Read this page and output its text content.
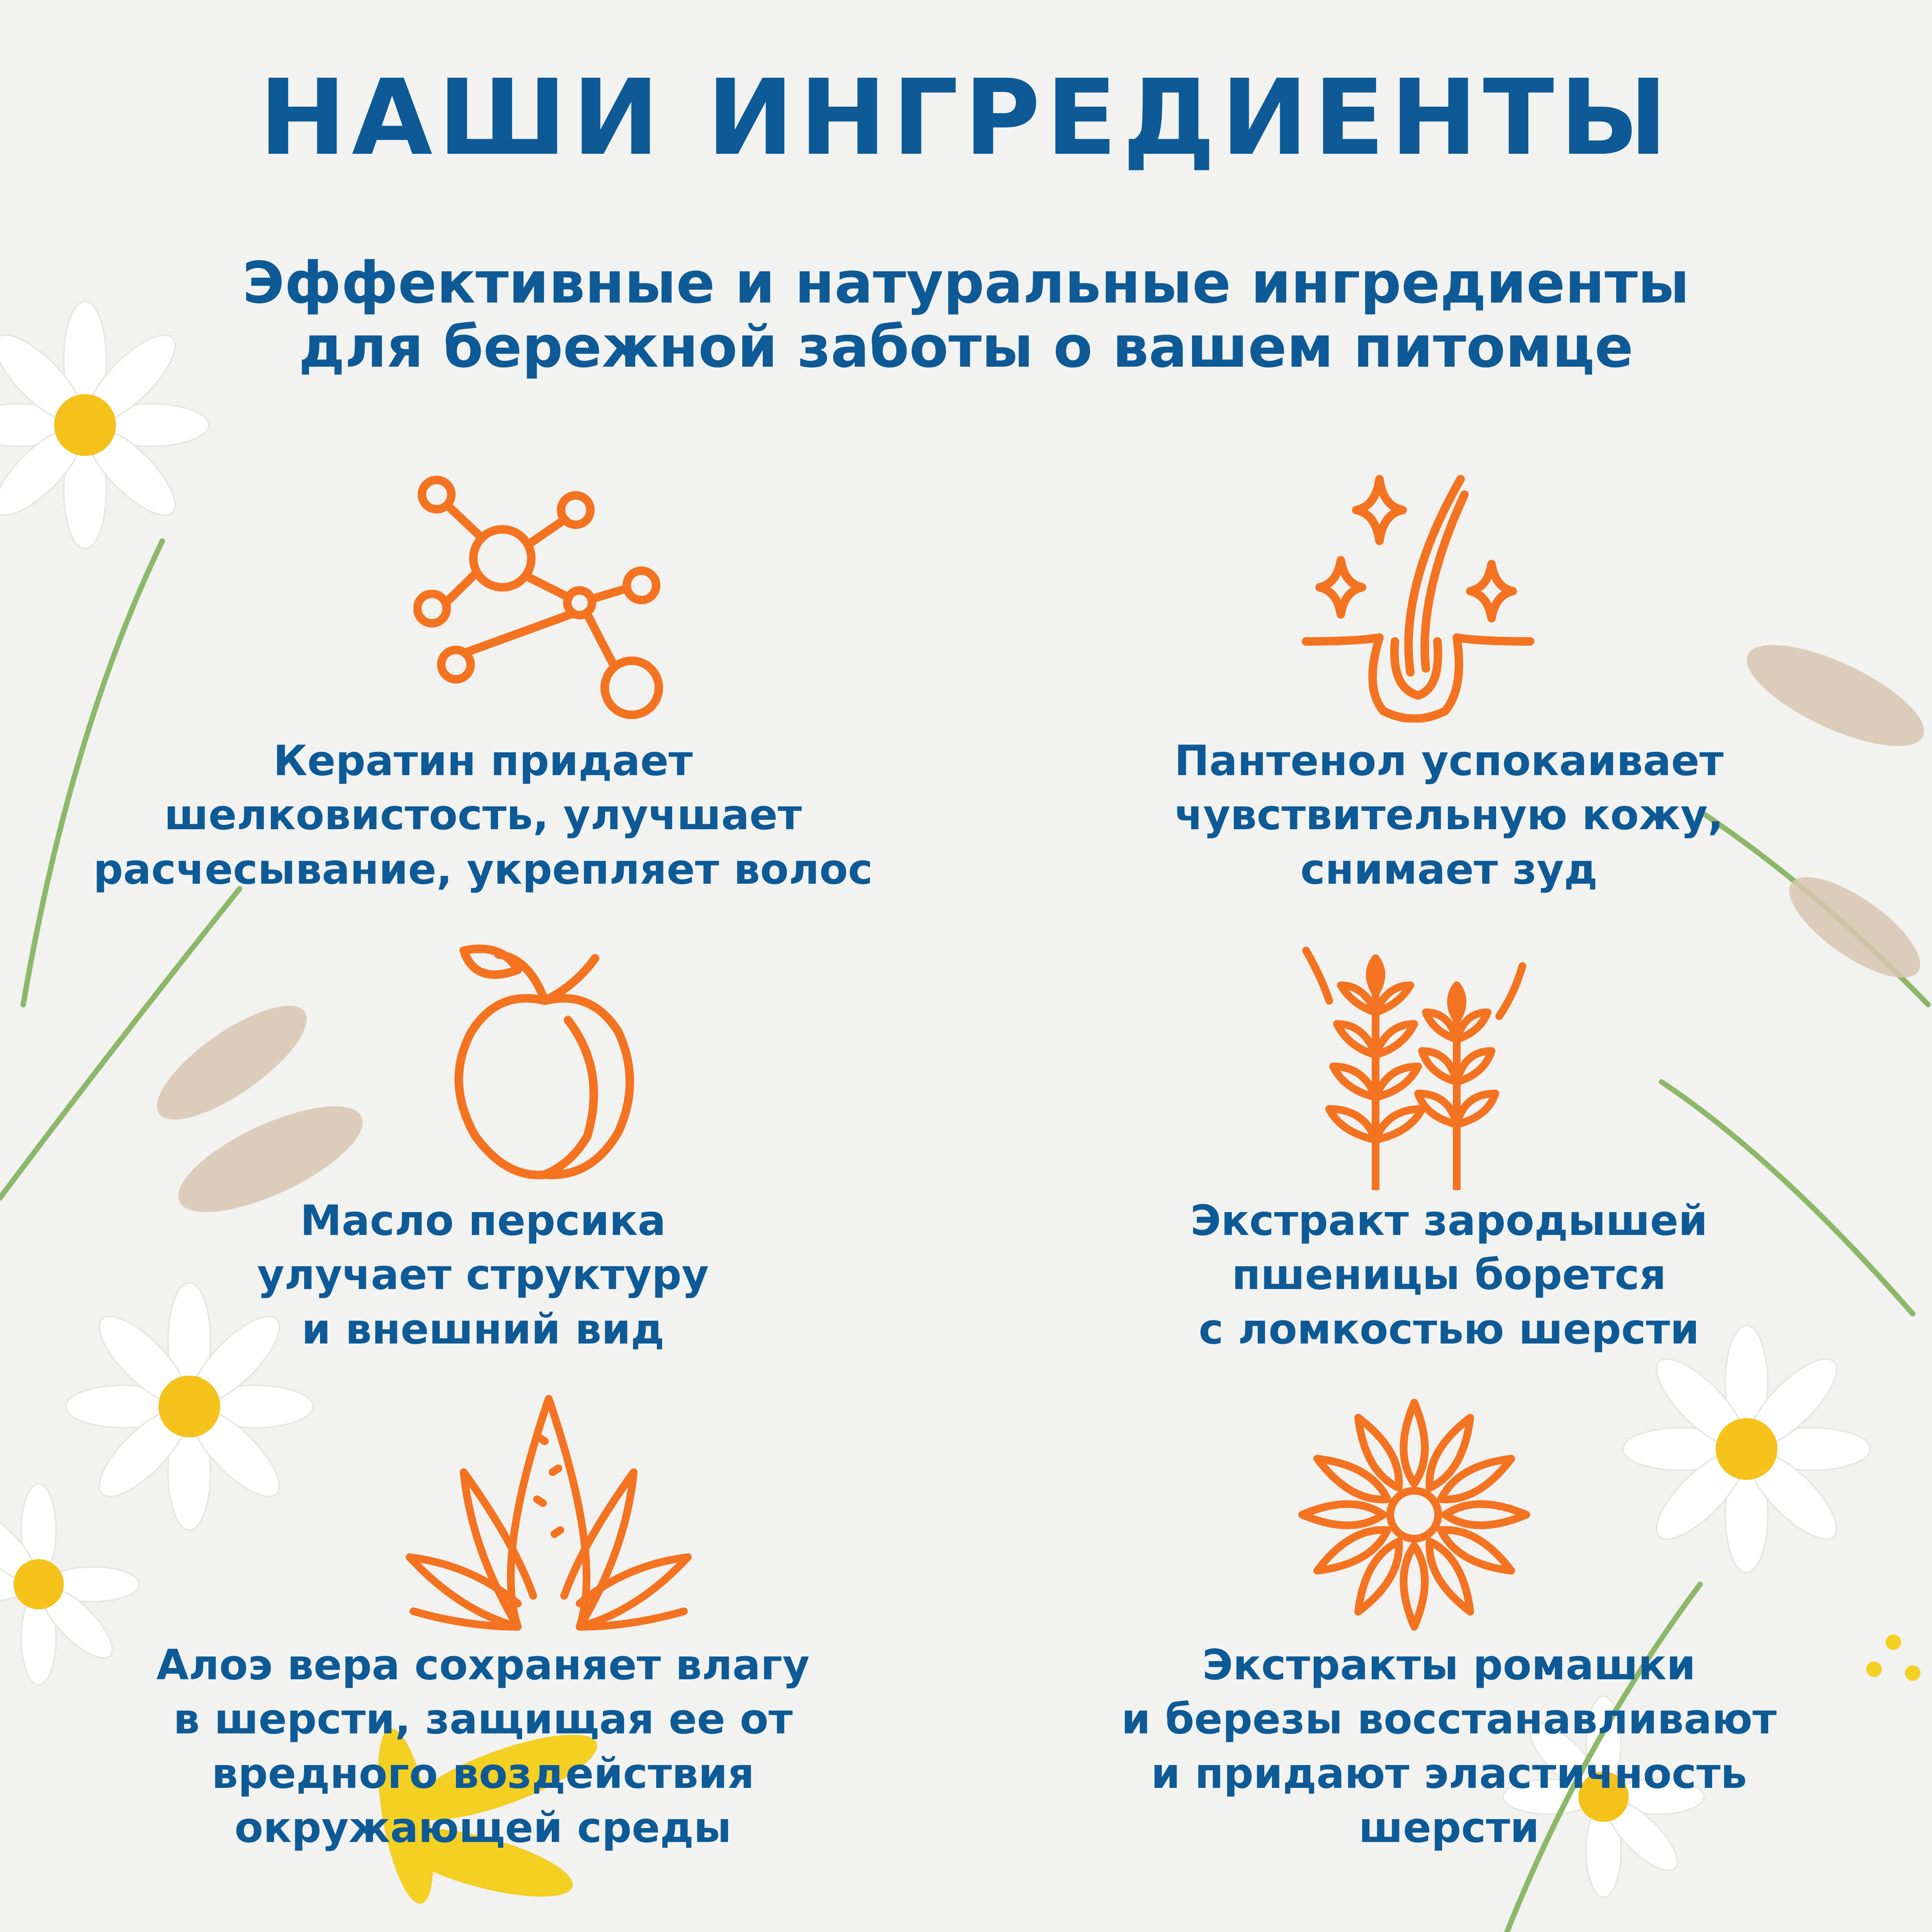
НАШИ ИНГРЕДИЕНТЫ
Эффективные и натуральные ингредиенты
для бережной заботы о вашем питомце
Кератин придает
шелковистость, улучшает
расчесывание, укрепляет волос
Пантенол успокаивает
чувствительную кожу,
снимает зуд
Масло персика
улучает структуру
и внешний вид
Экстракт зародышей
пшеницы борется
с ломкостью шерсти
Алоэ вера сохраняет влагу
в шерсти, защищая ее от
вредного воздействия
окружающей среды
Экстракты ромашки
и березы восстанавливают
и придают эластичность
шерсти
